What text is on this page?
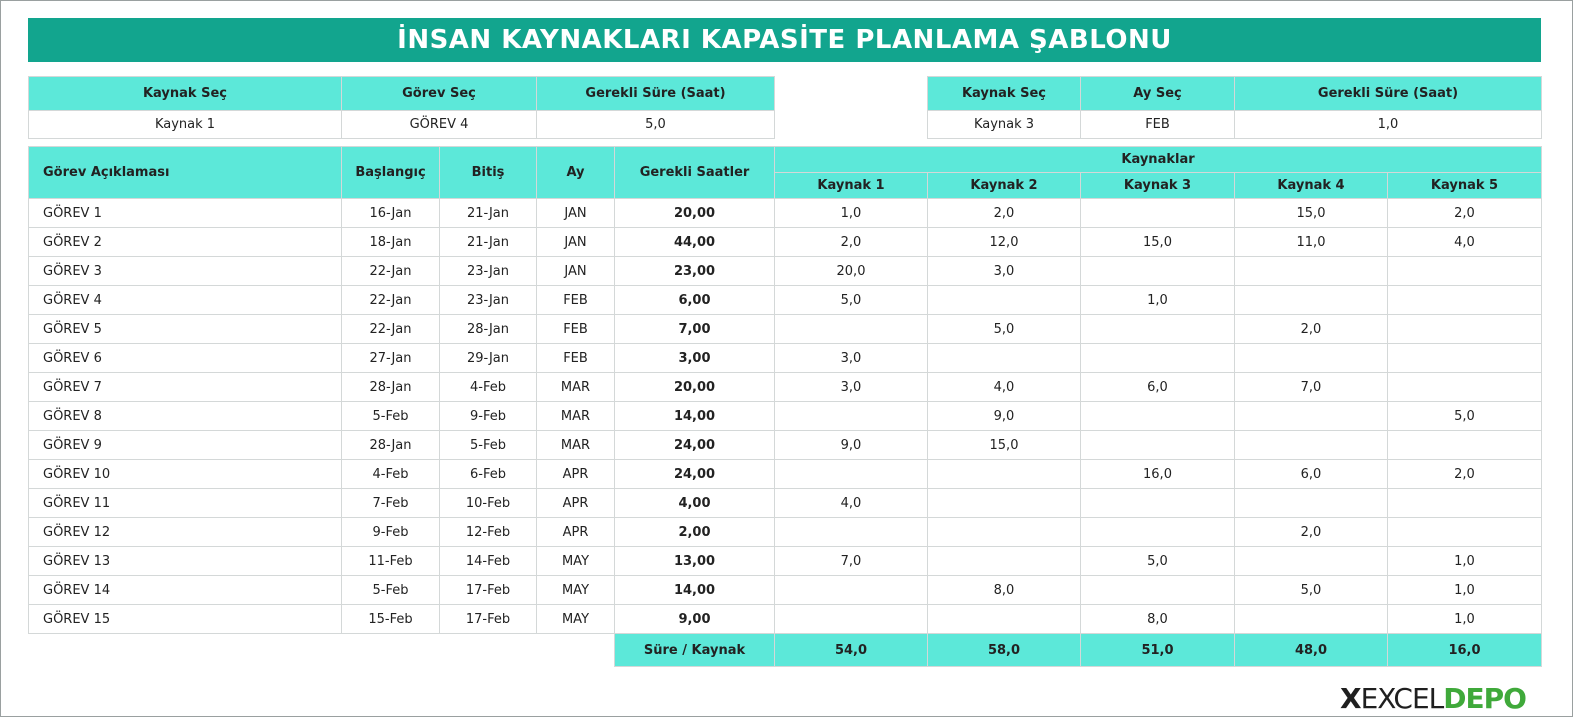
İNSAN KAYNAKLARI KAPASİTE PLANLAMA ŞABLONU
Kaynak Seç	Görev Seç	Gerekli Süre (Saat)
Kaynak 1	GÖREV 4	5,0
Kaynak Seç	Ay Seç	Gerekli Süre (Saat)
Kaynak 3	FEB	1,0
Görev Açıklaması	Başlangıç	Bitiş	Ay	Gerekli Saatler	Kaynaklar				
					Kaynak 1	Kaynak 2	Kaynak 3	Kaynak 4	Kaynak 5
GÖREV 1	16-Jan	21-Jan	JAN	20,00	1,0	2,0		15,0	2,0
GÖREV 2	18-Jan	21-Jan	JAN	44,00	2,0	12,0	15,0	11,0	4,0
GÖREV 3	22-Jan	23-Jan	JAN	23,00	20,0	3,0			
GÖREV 4	22-Jan	23-Jan	FEB	6,00	5,0		1,0		
GÖREV 5	22-Jan	28-Jan	FEB	7,00		5,0		2,0	
GÖREV 6	27-Jan	29-Jan	FEB	3,00	3,0				
GÖREV 7	28-Jan	4-Feb	MAR	20,00	3,0	4,0	6,0	7,0	
GÖREV 8	5-Feb	9-Feb	MAR	14,00		9,0			5,0
GÖREV 9	28-Jan	5-Feb	MAR	24,00	9,0	15,0			
GÖREV 10	4-Feb	6-Feb	APR	24,00			16,0	6,0	2,0
GÖREV 11	7-Feb	10-Feb	APR	4,00	4,0				
GÖREV 12	9-Feb	12-Feb	APR	2,00				2,0	
GÖREV 13	11-Feb	14-Feb	MAY	13,00	7,0		5,0		1,0
GÖREV 14	5-Feb	17-Feb	MAY	14,00		8,0		5,0	1,0
GÖREV 15	15-Feb	17-Feb	MAY	9,00			8,0		1,0
				Süre / Kaynak	54,0	58,0	51,0	48,0	16,0
X EXCEL DEPO
